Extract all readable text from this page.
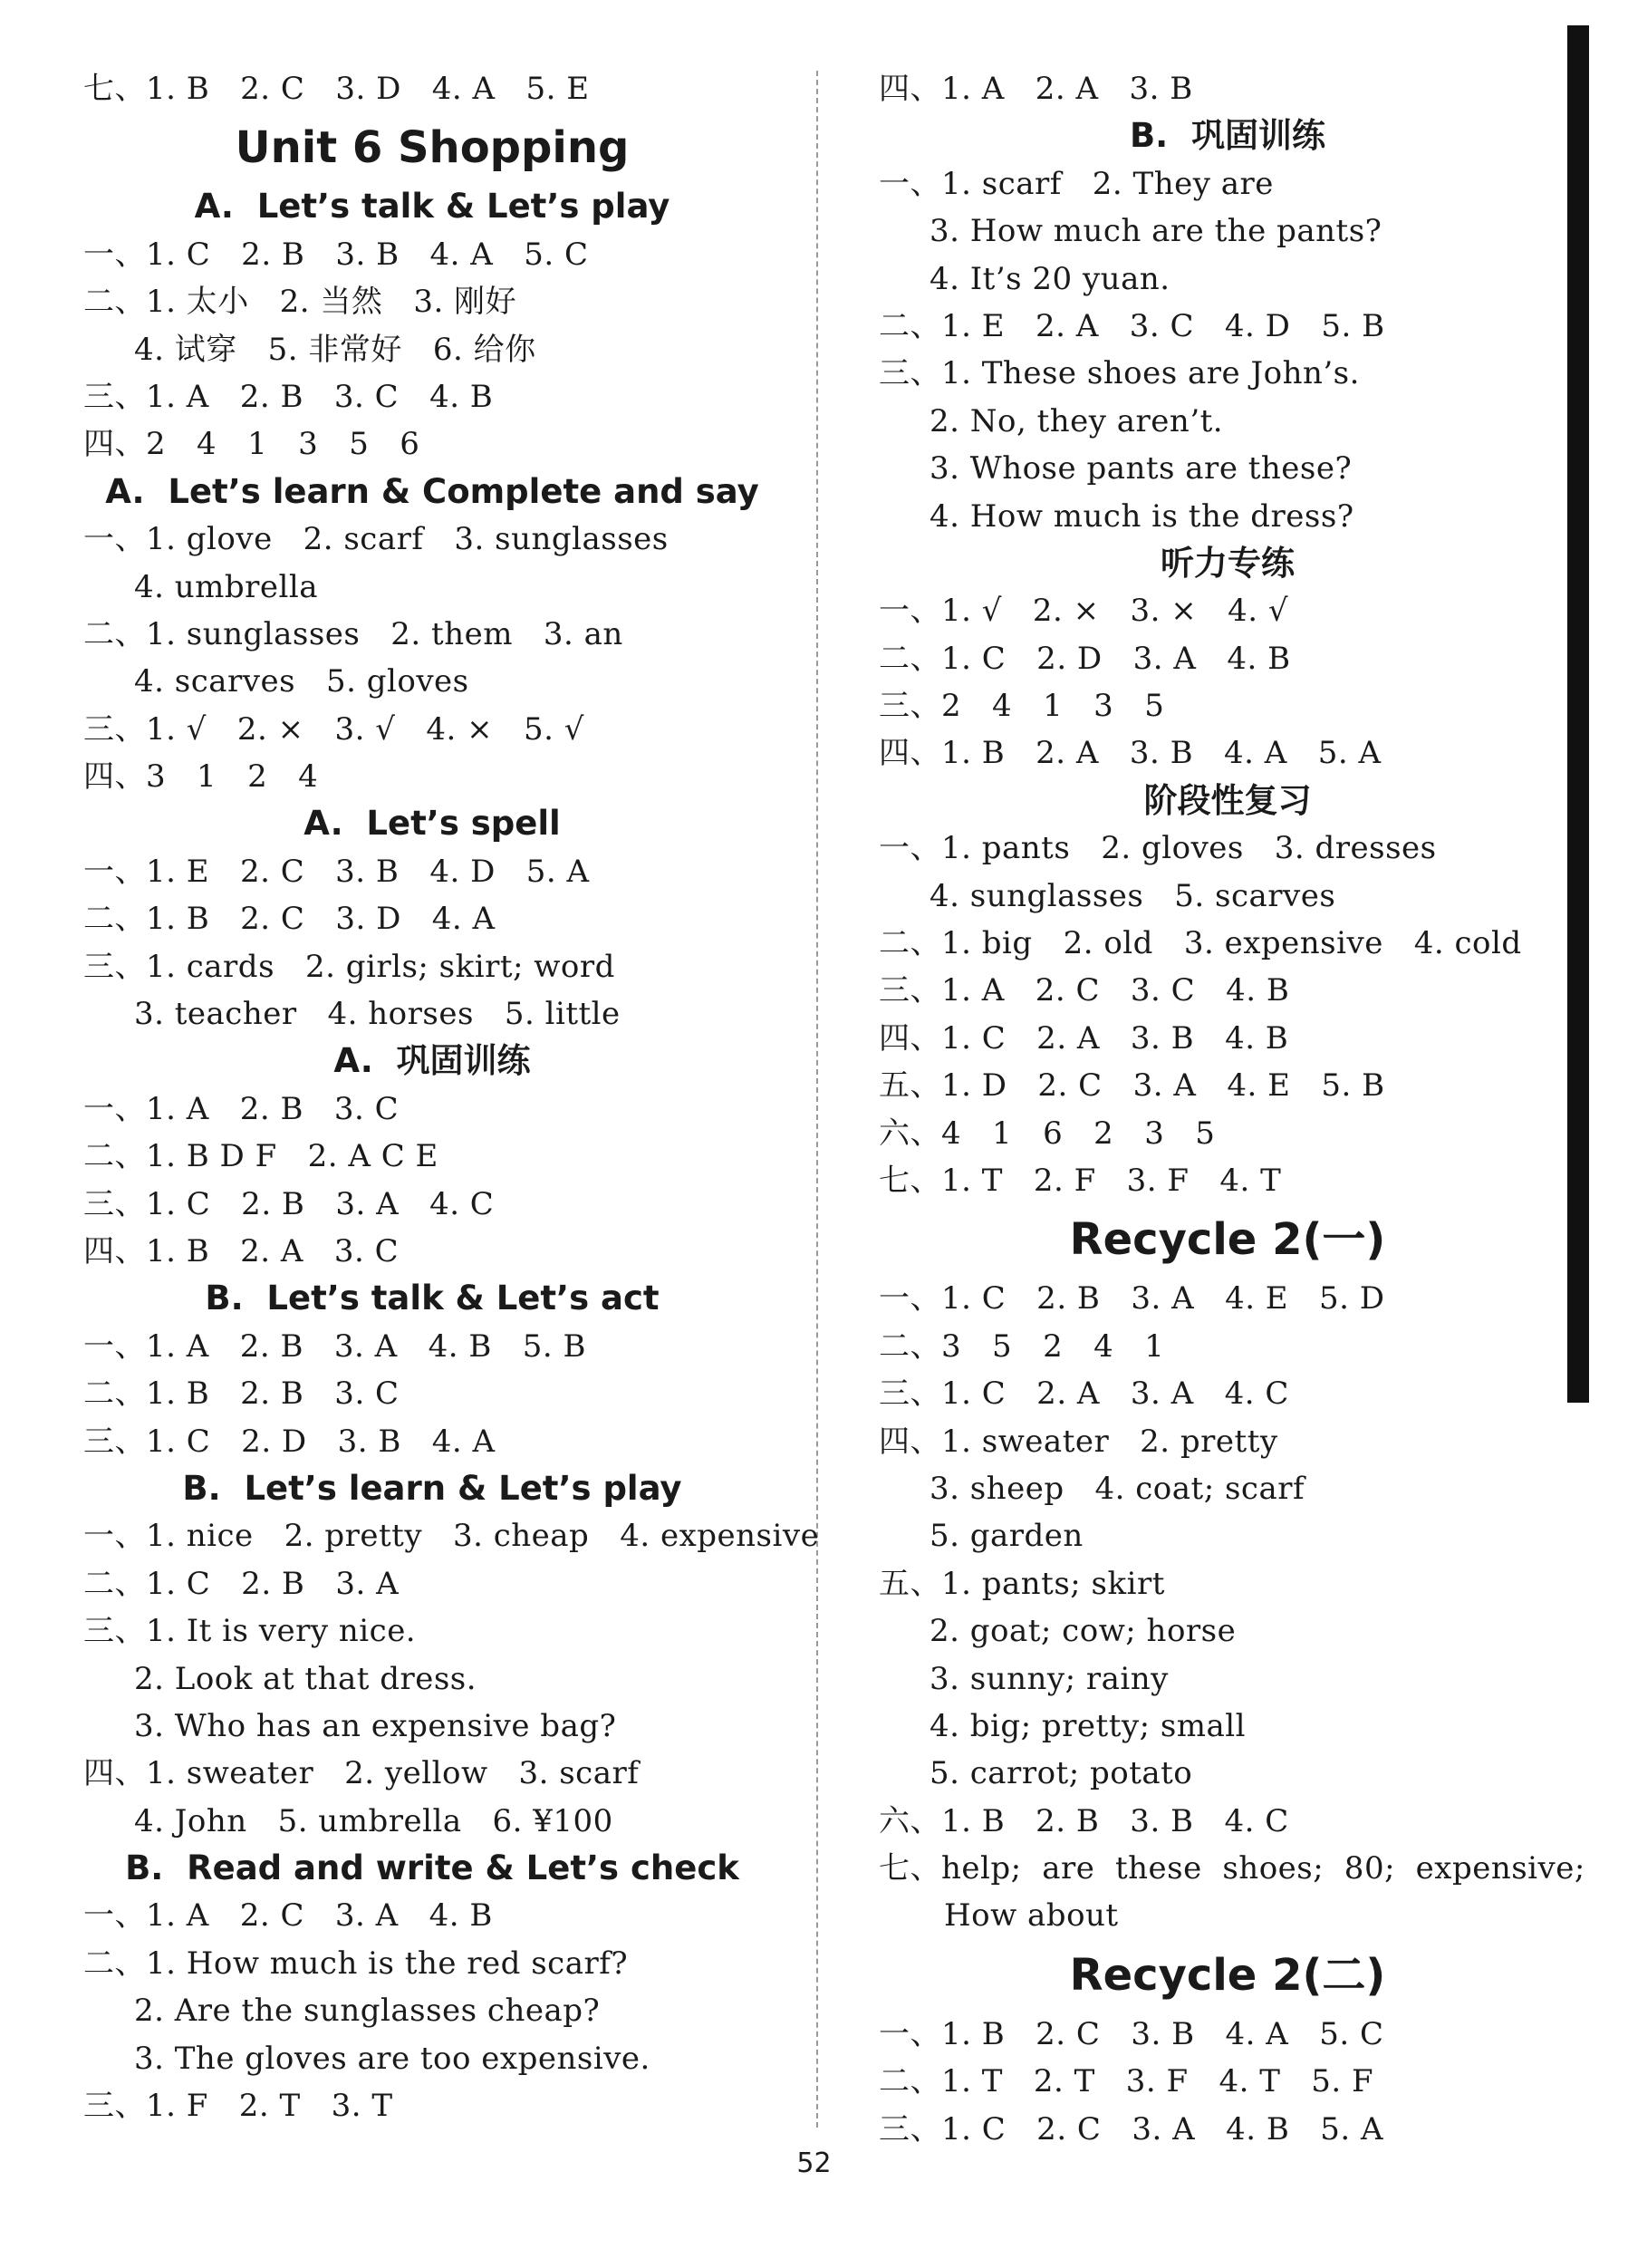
七、1. B   2. C   3. D   4. A   5. E
Unit 6 Shopping
A.  Let’s talk & Let’s play
一、1. C   2. B   3. B   4. A   5. C
二、1. 太小   2. 当然   3. 刚好
4. 试穿   5. 非常好   6. 给你
三、1. A   2. B   3. C   4. B
四、2   4   1   3   5   6
A.  Let’s learn & Complete and say
一、1. glove   2. scarf   3. sunglasses
4. umbrella
二、1. sunglasses   2. them   3. an
4. scarves   5. gloves
三、1. √   2. ×   3. √   4. ×   5. √
四、3   1   2   4
A.  Let’s spell
一、1. E   2. C   3. B   4. D   5. A
二、1. B   2. C   3. D   4. A
三、1. cards   2. girls; skirt; word
3. teacher   4. horses   5. little
A.  巩固训练
一、1. A   2. B   3. C
二、1. B D F   2. A C E
三、1. C   2. B   3. A   4. C
四、1. B   2. A   3. C
B.  Let’s talk & Let’s act
一、1. A   2. B   3. A   4. B   5. B
二、1. B   2. B   3. C
三、1. C   2. D   3. B   4. A
B.  Let’s learn & Let’s play
一、1. nice   2. pretty   3. cheap   4. expensive
二、1. C   2. B   3. A
三、1. It is very nice.
2. Look at that dress.
3. Who has an expensive bag?
四、1. sweater   2. yellow   3. scarf
4. John   5. umbrella   6. ¥100
B.  Read and write & Let’s check
一、1. A   2. C   3. A   4. B
二、1. How much is the red scarf?
2. Are the sunglasses cheap?
3. The gloves are too expensive.
三、1. F   2. T   3. T
四、1. A   2. A   3. B
B.  巩固训练
一、1. scarf   2. They are
3. How much are the pants?
4. It’s 20 yuan.
二、1. E   2. A   3. C   4. D   5. B
三、1. These shoes are John’s.
2. No, they aren’t.
3. Whose pants are these?
4. How much is the dress?
听力专练
一、1. √   2. ×   3. ×   4. √
二、1. C   2. D   3. A   4. B
三、2   4   1   3   5
四、1. B   2. A   3. B   4. A   5. A
阶段性复习
一、1. pants   2. gloves   3. dresses
4. sunglasses   5. scarves
二、1. big   2. old   3. expensive   4. cold
三、1. A   2. C   3. C   4. B
四、1. C   2. A   3. B   4. B
五、1. D   2. C   3. A   4. E   5. B
六、4   1   6   2   3   5
七、1. T   2. F   3. F   4. T
Recycle 2(一)
一、1. C   2. B   3. A   4. E   5. D
二、3   5   2   4   1
三、1. C   2. A   3. A   4. C
四、1. sweater   2. pretty
3. sheep   4. coat; scarf
5. garden
五、1. pants; skirt
2. goat; cow; horse
3. sunny; rainy
4. big; pretty; small
5. carrot; potato
六、1. B   2. B   3. B   4. C
七、help;  are  these  shoes;  80;  expensive;
How about
Recycle 2(二)
一、1. B   2. C   3. B   4. A   5. C
二、1. T   2. T   3. F   4. T   5. F
三、1. C   2. C   3. A   4. B   5. A
52
